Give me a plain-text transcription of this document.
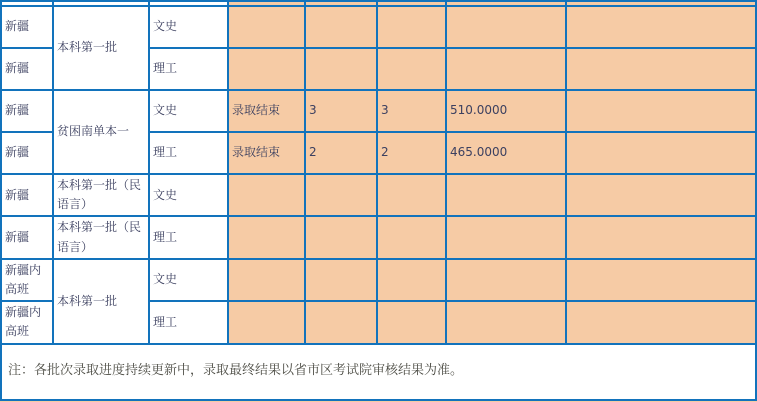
新疆	本科第一批	文史					
新疆		理工					
新疆	贫困南单本一	文史	录取结束	3	3	510.0000	
新疆		理工	录取结束	2	2	465.0000	
新疆	本科第一批（民语言）	文史					
新疆	本科第一批（民语言）	理工					
新疆内高班	本科第一批	文史					
新疆内高班		理工					
注：各批次录取进度持续更新中，录取最终结果以省市区考试院审核结果为准。							
